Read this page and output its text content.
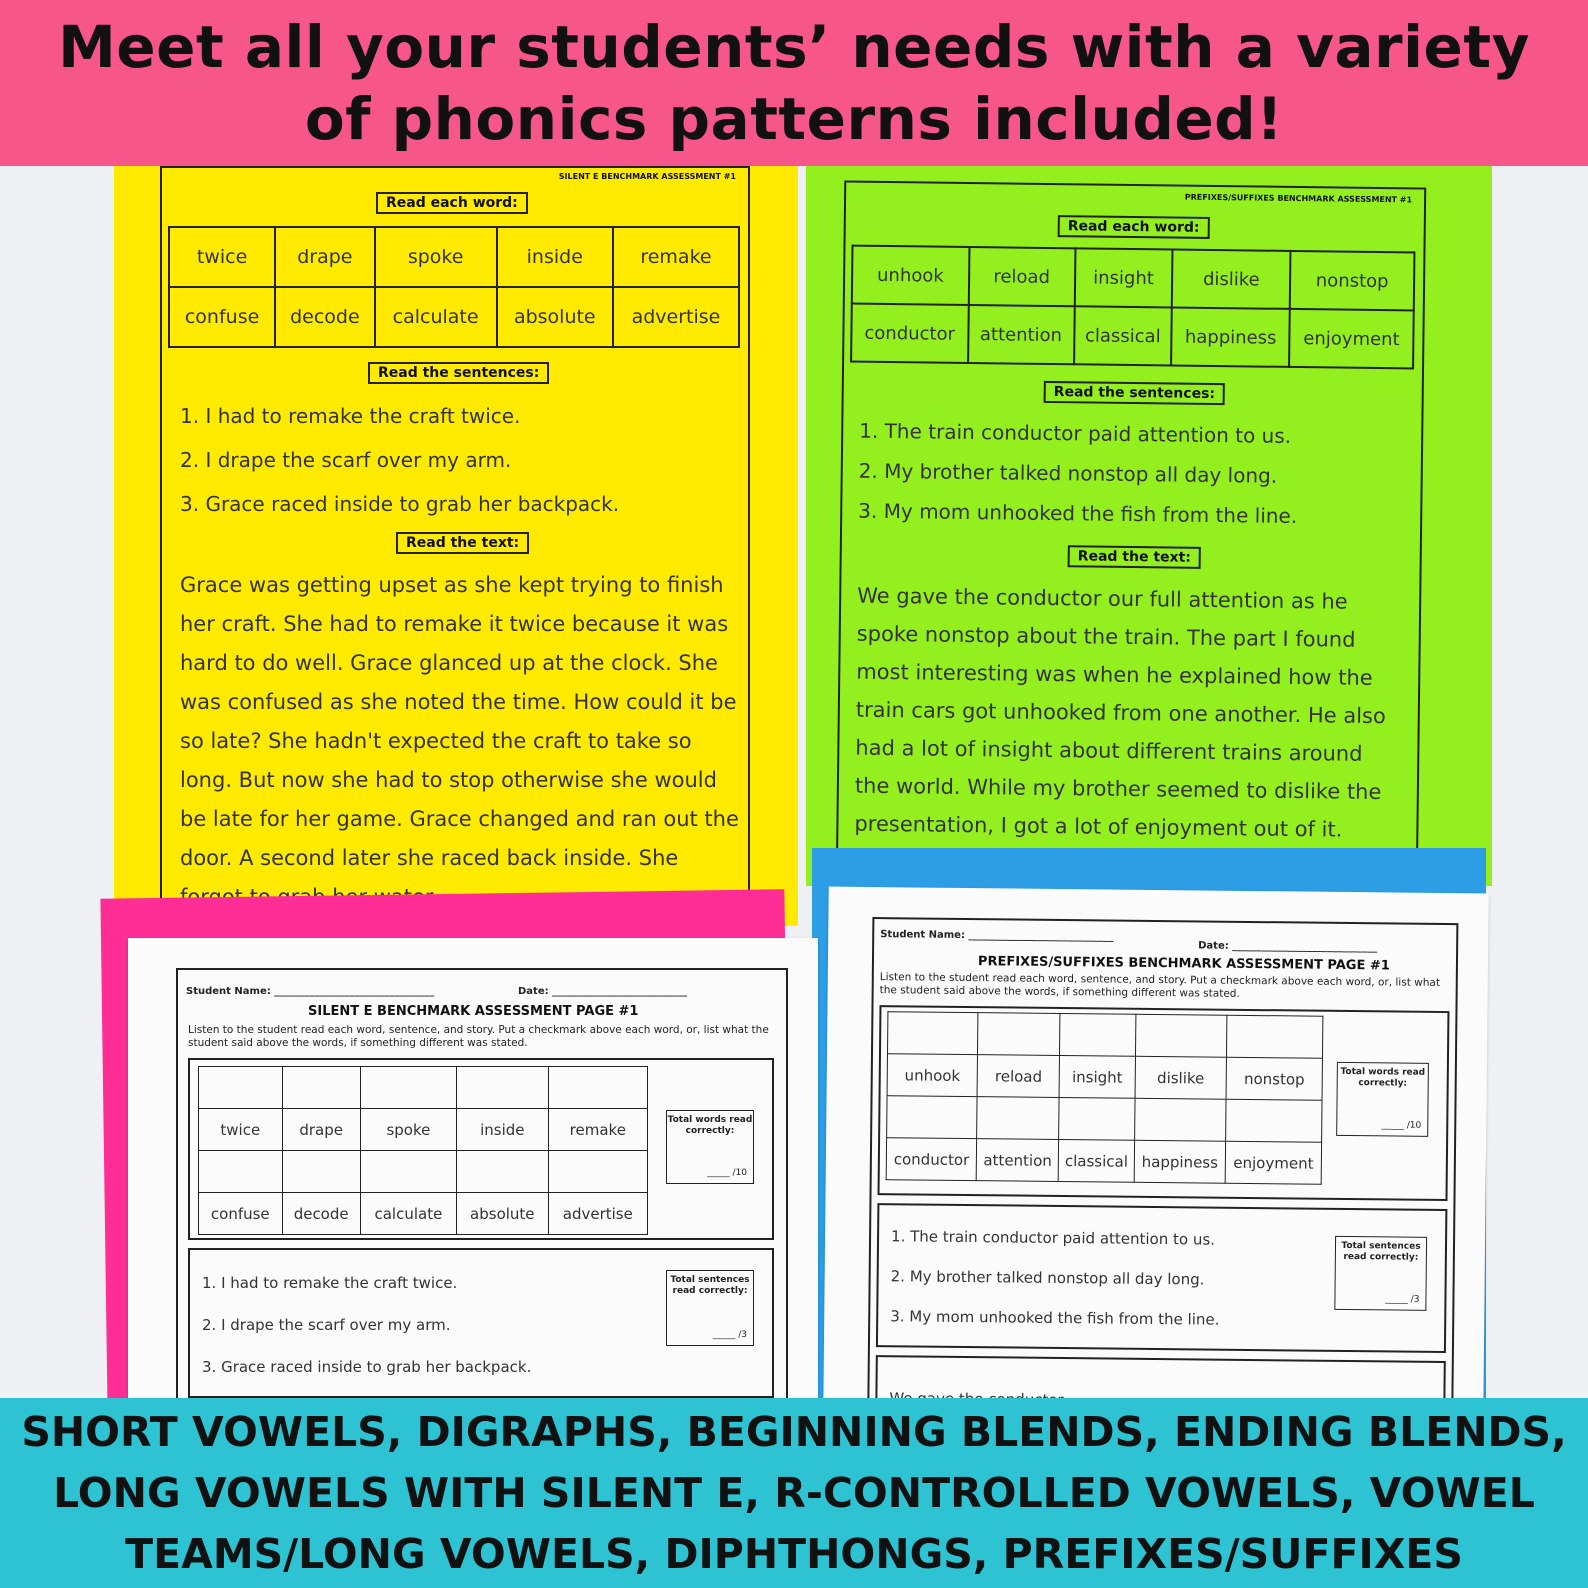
Meet all your students’ needs with a variety
of phonics patterns included!
SILENT E BENCHMARK ASSESSMENT #1
Read each word:
twice	drape	spoke	inside	remake
confuse	decode	calculate	absolute	advertise
Read the sentences:
1. I had to remake the craft twice.
2. I drape the scarf over my arm.
3. Grace raced inside to grab her backpack.
Read the text:
Grace was getting upset as she kept trying to finish her craft. She had to remake it twice because it was hard to do well. Grace glanced up at the clock. She was confused as she noted the time. How could it be so late? She hadn't expected the craft to take so long. But now she had to stop otherwise she would be late for her game. Grace changed and ran out the door. A second later she raced back inside. She
PREFIXES/SUFFIXES BENCHMARK ASSESSMENT #1
Read each word:
unhook	reload	insight	dislike	nonstop
conductor	attention	classical	happiness	enjoyment
Read the sentences:
1. The train conductor paid attention to us.
2. My brother talked nonstop all day long.
3. My mom unhooked the fish from the line.
Read the text:
We gave the conductor our full attention as he spoke nonstop about the train. The part I found most interesting was when he explained how the train cars got unhooked from one another. He also had a lot of insight about different trains around the world. While my brother seemed to dislike the presentation, I got a lot of enjoyment out of it.
Student Name: ________________________________	Date: ___________________________
SILENT E BENCHMARK ASSESSMENT PAGE #1
Listen to the student read each word, sentence, and story. Put a checkmark above each word, or, list what the student said above the words, if something different was stated.

twice	drape	spoke	inside	remake

confuse	decode	calculate	absolute	advertise
Total words read correctly:
_____ /10
1. I had to remake the craft twice.
2. I drape the scarf over my arm.
3. Grace raced inside to grab her backpack.
Total sentences read correctly:
_____ /3
Student Name: _____________________________
Date: _____________________________
PREFIXES/SUFFIXES BENCHMARK ASSESSMENT PAGE #1
Listen to the student read each word, sentence, and story. Put a checkmark above each word, or, list what the student said above the words, if something different was stated.

unhook	reload	insight	dislike	nonstop

conductor	attention	classical	happiness	enjoyment
Total words read correctly:
_____ /10
1. The train conductor paid attention to us.
2. My brother talked nonstop all day long.
3. My mom unhooked the fish from the line.
Total sentences read correctly:
_____ /3

SHORT VOWELS, DIGRAPHS, BEGINNING BLENDS, ENDING BLENDS,
LONG VOWELS WITH SILENT E, R-CONTROLLED VOWELS, VOWEL
TEAMS/LONG VOWELS, DIPHTHONGS, PREFIXES/SUFFIXES
